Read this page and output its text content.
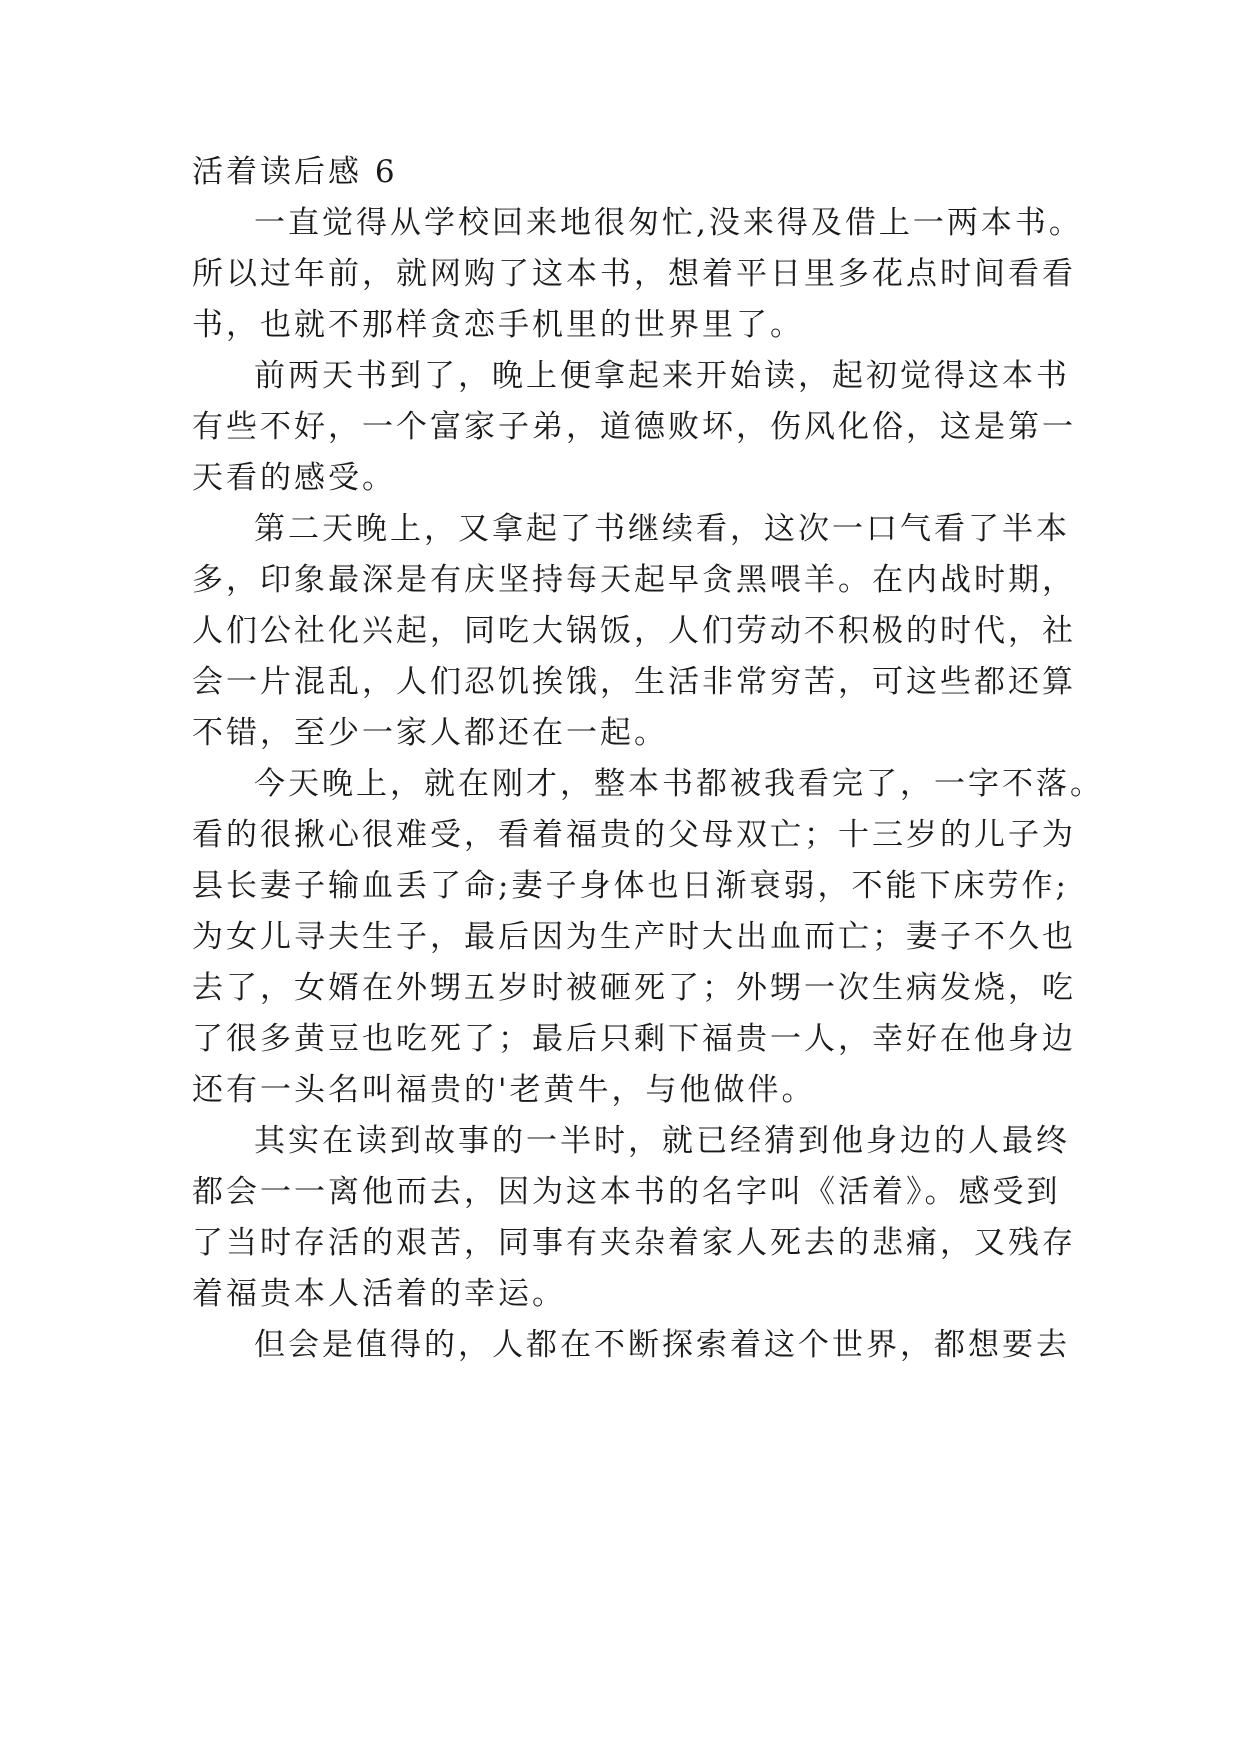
活着读后感 6
一直觉得从学校回来地很匆忙,没来得及借上一两本书。
所以过年前，就网购了这本书，想着平日里多花点时间看看
书，也就不那样贪恋手机里的世界里了。
前两天书到了，晚上便拿起来开始读，起初觉得这本书
有些不好，一个富家子弟，道德败坏，伤风化俗，这是第一
天看的感受。
第二天晚上，又拿起了书继续看，这次一口气看了半本
多，印象最深是有庆坚持每天起早贪黑喂羊。在内战时期，
人们公社化兴起，同吃大锅饭，人们劳动不积极的时代，社
会一片混乱，人们忍饥挨饿，生活非常穷苦，可这些都还算
不错，至少一家人都还在一起。
今天晚上，就在刚才，整本书都被我看完了，一字不落。
看的很揪心很难受，看着福贵的父母双亡；十三岁的儿子为
县长妻子输血丢了命;妻子身体也日渐衰弱，不能下床劳作;
为女儿寻夫生子，最后因为生产时大出血而亡；妻子不久也
去了，女婿在外甥五岁时被砸死了；外甥一次生病发烧，吃
了很多黄豆也吃死了；最后只剩下福贵一人，幸好在他身边
还有一头名叫福贵的'老黄牛，与他做伴。
其实在读到故事的一半时，就已经猜到他身边的人最终
都会一一离他而去，因为这本书的名字叫《活着》。感受到
了当时存活的艰苦，同事有夹杂着家人死去的悲痛，又残存
着福贵本人活着的幸运。
但会是值得的，人都在不断探索着这个世界，都想要去
